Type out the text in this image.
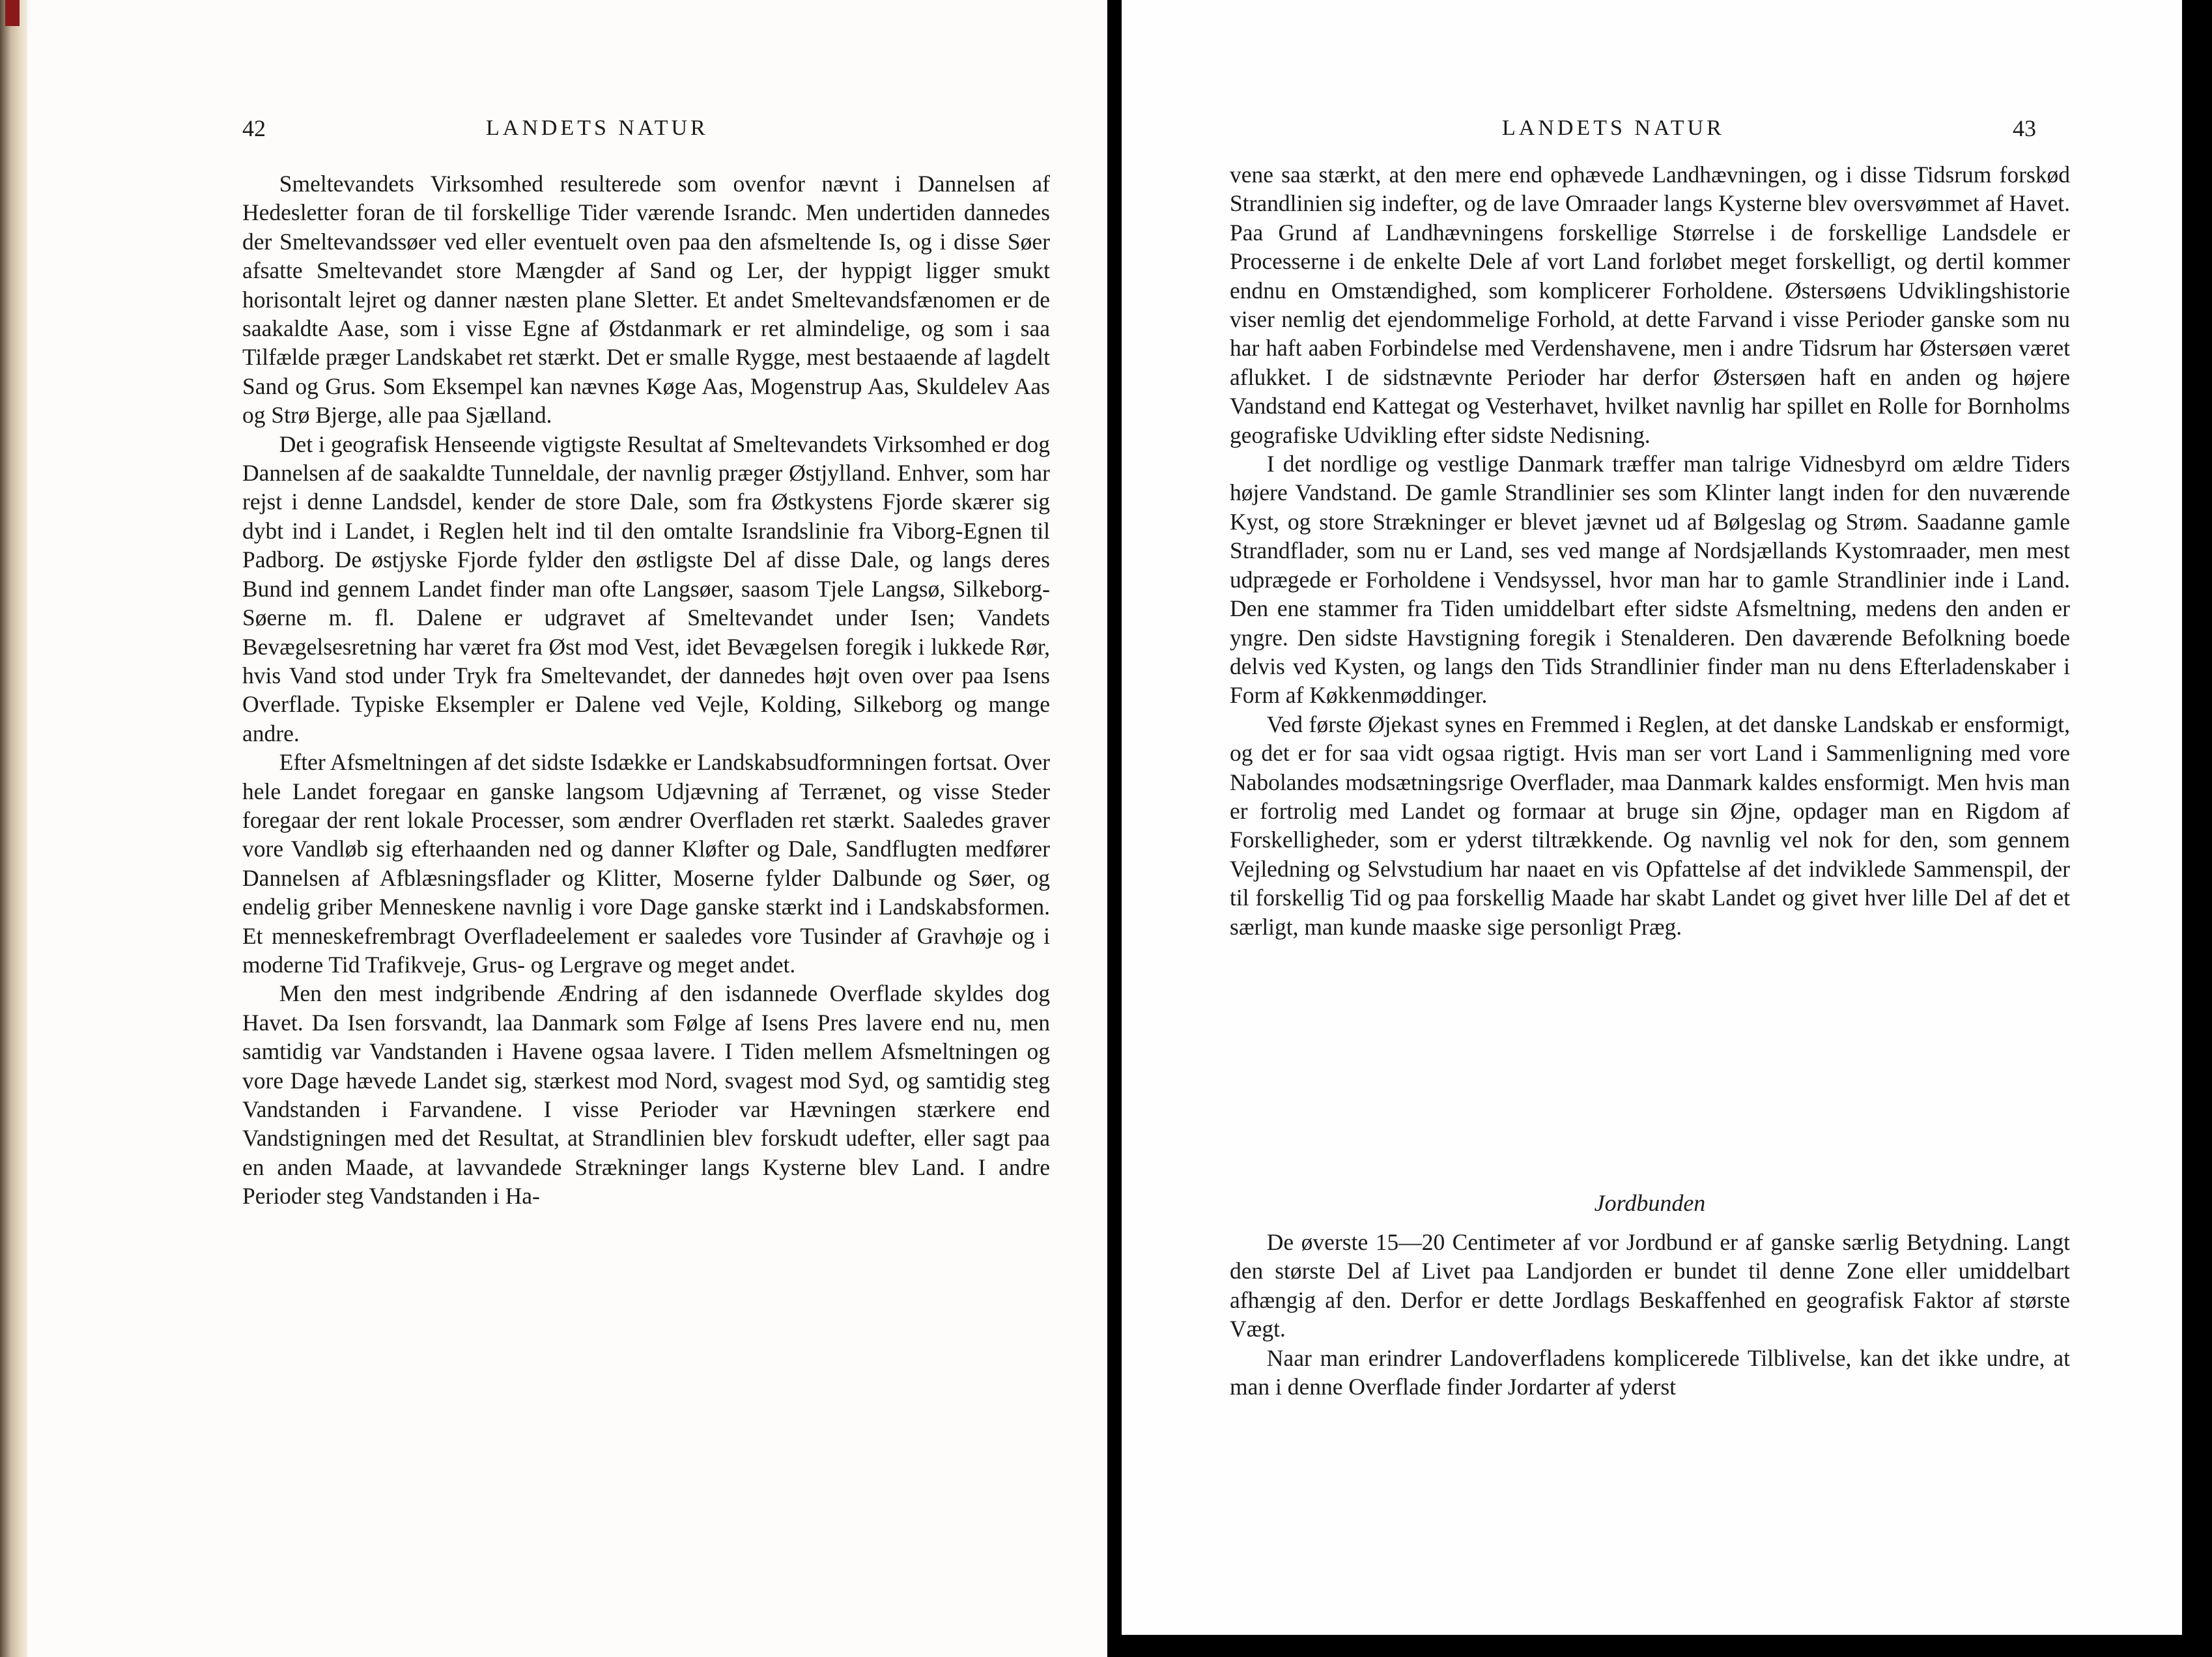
42	LANDETS NATUR

Smeltevandets Virksomhed resulterede som ovenfor nævnt i Dannelsen af Hedesletter foran de til forskellige Tider værende Israndc. Men undertiden dannedes der Smeltevandssøer ved eller eventuelt oven paa den afsmeltende Is, og i disse Søer afsatte Smeltevandet store Mængder af Sand og Ler, der hyppigt ligger smukt horisontalt lejret og danner næsten plane Sletter. Et andet Smeltevandsfænomen er de saakaldte Aase, som i visse Egne af Østdanmark er ret almindelige, og som i saa Tilfælde præger Landskabet ret stærkt. Det er smalle Rygge, mest bestaaende af lagdelt Sand og Grus. Som Eksempel kan nævnes Køge Aas, Mogenstrup Aas, Skuldelev Aas og Strø Bjerge, alle paa Sjælland.

Det i geografisk Henseende vigtigste Resultat af Smeltevandets Virksomhed er dog Dannelsen af de saakaldte Tunneldale, der navnlig præger Østjylland. Enhver, som har rejst i denne Landsdel, kender de store Dale, som fra Østkystens Fjorde skærer sig dybt ind i Landet, i Reglen helt ind til den omtalte Israndslinie fra Viborg-Egnen til Padborg. De østjyske Fjorde fylder den østligste Del af disse Dale, og langs deres Bund ind gennem Landet finder man ofte Langsøer, saasom Tjele Langsø, Silkeborg-Søerne m. fl. Dalene er udgravet af Smeltevandet under Isen; Vandets Bevægelsesretning har været fra Øst mod Vest, idet Bevægelsen foregik i lukkede Rør, hvis Vand stod under Tryk fra Smeltevandet, der dannedes højt oven over paa Isens Overflade. Typiske Eksempler er Dalene ved Vejle, Kolding, Silkeborg og mange andre.

Efter Afsmeltningen af det sidste Isdække er Landskabsudformningen fortsat. Over hele Landet foregaar en ganske langsom Udjævning af Terrænet, og visse Steder foregaar der rent lokale Processer, som ændrer Overfladen ret stærkt. Saaledes graver vore Vandløb sig efterhaanden ned og danner Kløfter og Dale, Sandflugten medfører Dannelsen af Afblæsningsflader og Klitter, Moserne fylder Dalbunde og Søer, og endelig griber Menneskene navnlig i vore Dage ganske stærkt ind i Landskabsformen. Et menneskefrembragt Overfladeelement er saaledes vore Tusinder af Gravhøje og i moderne Tid Trafikveje, Grus- og Lergrave og meget andet.

Men den mest indgribende Ændring af den isdannede Overflade skyldes dog Havet. Da Isen forsvandt, laa Danmark som Følge af Isens Pres lavere end nu, men samtidig var Vandstanden i Havene ogsaa lavere. I Tiden mellem Afsmeltningen og vore Dage hævede Landet sig, stærkest mod Nord, svagest mod Syd, og samtidig steg Vandstanden i Farvandene. I visse Perioder var Hævningen stærkere end Vandstigningen med det Resultat, at Strandlinien blev forskudt udefter, eller sagt paa en anden Maade, at lavvandede Strækninger langs Kysterne blev Land. I andre Perioder steg Vandstanden i Ha-

LANDETS NATUR	43

vene saa stærkt, at den mere end ophævede Landhævningen, og i disse Tidsrum forskød Strandlinien sig indefter, og de lave Omraader langs Kysterne blev oversvømmet af Havet. Paa Grund af Landhævningens forskellige Størrelse i de forskellige Landsdele er Processerne i de enkelte Dele af vort Land forløbet meget forskelligt, og dertil kommer endnu en Omstændighed, som komplicerer Forholdene. Østersøens Udviklingshistorie viser nemlig det ejendommelige Forhold, at dette Farvand i visse Perioder ganske som nu har haft aaben Forbindelse med Verdenshavene, men i andre Tidsrum har Østersøen været aflukket. I de sidstnævnte Perioder har derfor Østersøen haft en anden og højere Vandstand end Kattegat og Vesterhavet, hvilket navnlig har spillet en Rolle for Bornholms geografiske Udvikling efter sidste Nedisning.

I det nordlige og vestlige Danmark træffer man talrige Vidnesbyrd om ældre Tiders højere Vandstand. De gamle Strandlinier ses som Klinter langt inden for den nuværende Kyst, og store Strækninger er blevet jævnet ud af Bølgeslag og Strøm. Saadanne gamle Strandflader, som nu er Land, ses ved mange af Nordsjællands Kystomraader, men mest udprægede er Forholdene i Vendsyssel, hvor man har to gamle Strandlinier inde i Land. Den ene stammer fra Tiden umiddelbart efter sidste Afsmeltning, medens den anden er yngre. Den sidste Havstigning foregik i Stenalderen. Den daværende Befolkning boede delvis ved Kysten, og langs den Tids Strandlinier finder man nu dens Efterladenskaber i Form af Køkkenmøddinger.

Ved første Øjekast synes en Fremmed i Reglen, at det danske Landskab er ensformigt, og det er for saa vidt ogsaa rigtigt. Hvis man ser vort Land i Sammenligning med vore Nabolandes modsætningsrige Overflader, maa Danmark kaldes ensformigt. Men hvis man er fortrolig med Landet og formaar at bruge sin Øjne, opdager man en Rigdom af Forskelligheder, som er yderst tiltrækkende. Og navnlig vel nok for den, som gennem Vejledning og Selvstudium har naaet en vis Opfattelse af det indviklede Sammenspil, der til forskellig Tid og paa forskellig Maade har skabt Landet og givet hver lille Del af det et særligt, man kunde maaske sige personligt Præg.

Jordbunden

De øverste 15—20 Centimeter af vor Jordbund er af ganske særlig Betydning. Langt den største Del af Livet paa Landjorden er bundet til denne Zone eller umiddelbart afhængig af den. Derfor er dette Jordlags Beskaffenhed en geografisk Faktor af største Vægt.

Naar man erindrer Landoverfladens komplicerede Tilblivelse, kan det ikke undre, at man i denne Overflade finder Jordarter af yderst
